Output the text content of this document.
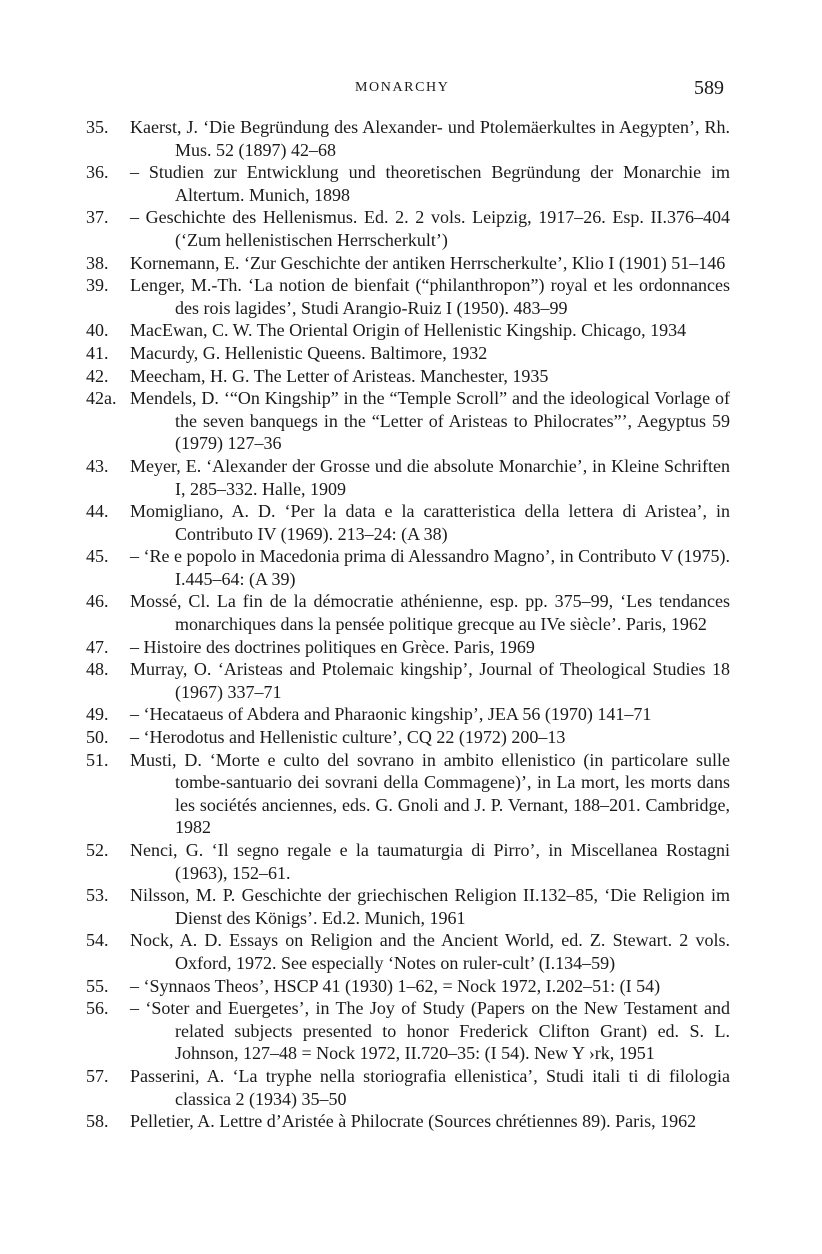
MONARCHY	589
35. Kaerst, J. ‘Die Begründung des Alexander- und Ptolemäerkultes in Aegypten’, Rh. Mus. 52 (1897) 42–68
36. – Studien zur Entwicklung und theoretischen Begründung der Monarchie im Altertum. Munich, 1898
37. – Geschichte des Hellenismus. Ed. 2. 2 vols. Leipzig, 1917–26. Esp. II.376–404 (‘Zum hellenistischen Herrscherkult’)
38. Kornemann, E. ‘Zur Geschichte der antiken Herrscherkulte’, Klio I (1901) 51–146
39. Lenger, M.-Th. ‘La notion de bienfait (“philanthropon”) royal et les ordonnances des rois lagides’, Studi Arangio-Ruiz I (1950). 483–99
40. MacEwan, C. W. The Oriental Origin of Hellenistic Kingship. Chicago, 1934
41. Macurdy, G. Hellenistic Queens. Baltimore, 1932
42. Meecham, H. G. The Letter of Aristeas. Manchester, 1935
42a. Mendels, D. ‘“On Kingship” in the “Temple Scroll” and the ideological Vorlage of the seven banquegs in the “Letter of Aristeas to Philocrates”’, Aegyptus 59 (1979) 127–36
43. Meyer, E. ‘Alexander der Grosse und die absolute Monarchie’, in Kleine Schriften I, 285–332. Halle, 1909
44. Momigliano, A. D. ‘Per la data e la caratteristica della lettera di Aristea’, in Contributo IV (1969). 213–24: (A 38)
45. – ‘Re e popolo in Macedonia prima di Alessandro Magno’, in Contributo V (1975). I.445–64: (A 39)
46. Mossé, Cl. La fin de la démocratie athénienne, esp. pp. 375–99, ‘Les tendances monarchiques dans la pensée politique grecque au IVe siècle’. Paris, 1962
47. – Histoire des doctrines politiques en Grèce. Paris, 1969
48. Murray, O. ‘Aristeas and Ptolemaic kingship’, Journal of Theological Studies 18 (1967) 337–71
49. – ‘Hecataeus of Abdera and Pharaonic kingship’, JEA 56 (1970) 141–71
50. – ‘Herodotus and Hellenistic culture’, CQ 22 (1972) 200–13
51. Musti, D. ‘Morte e culto del sovrano in ambito ellenistico (in particolare sulle tombe-santuario dei sovrani della Commagene)’, in La mort, les morts dans les sociétés anciennes, eds. G. Gnoli and J. P. Vernant, 188–201. Cambridge, 1982
52. Nenci, G. ‘Il segno regale e la taumaturgia di Pirro’, in Miscellanea Rostagni (1963), 152–61.
53. Nilsson, M. P. Geschichte der griechischen Religion II.132–85, ‘Die Religion im Dienst des Königs’. Ed.2. Munich, 1961
54. Nock, A. D. Essays on Religion and the Ancient World, ed. Z. Stewart. 2 vols. Oxford, 1972. See especially ‘Notes on ruler-cult’ (I.134–59)
55. – ‘Synnaos Theos’, HSCP 41 (1930) 1–62, = Nock 1972, I.202–51: (I 54)
56. – ‘Soter and Euergetes’, in The Joy of Study (Papers on the New Testament and related subjects presented to honor Frederick Clifton Grant) ed. S. L. Johnson, 127–48 = Nock 1972, II.720–35: (I 54). New Y ›rk, 1951
57. Passerini, A. ‘La tryphe nella storiografia ellenistica’, Studi itali ti di filologia classica 2 (1934) 35–50
58. Pelletier, A. Lettre d’Aristée à Philocrate (Sources chrétiennes 89). Paris, 1962
